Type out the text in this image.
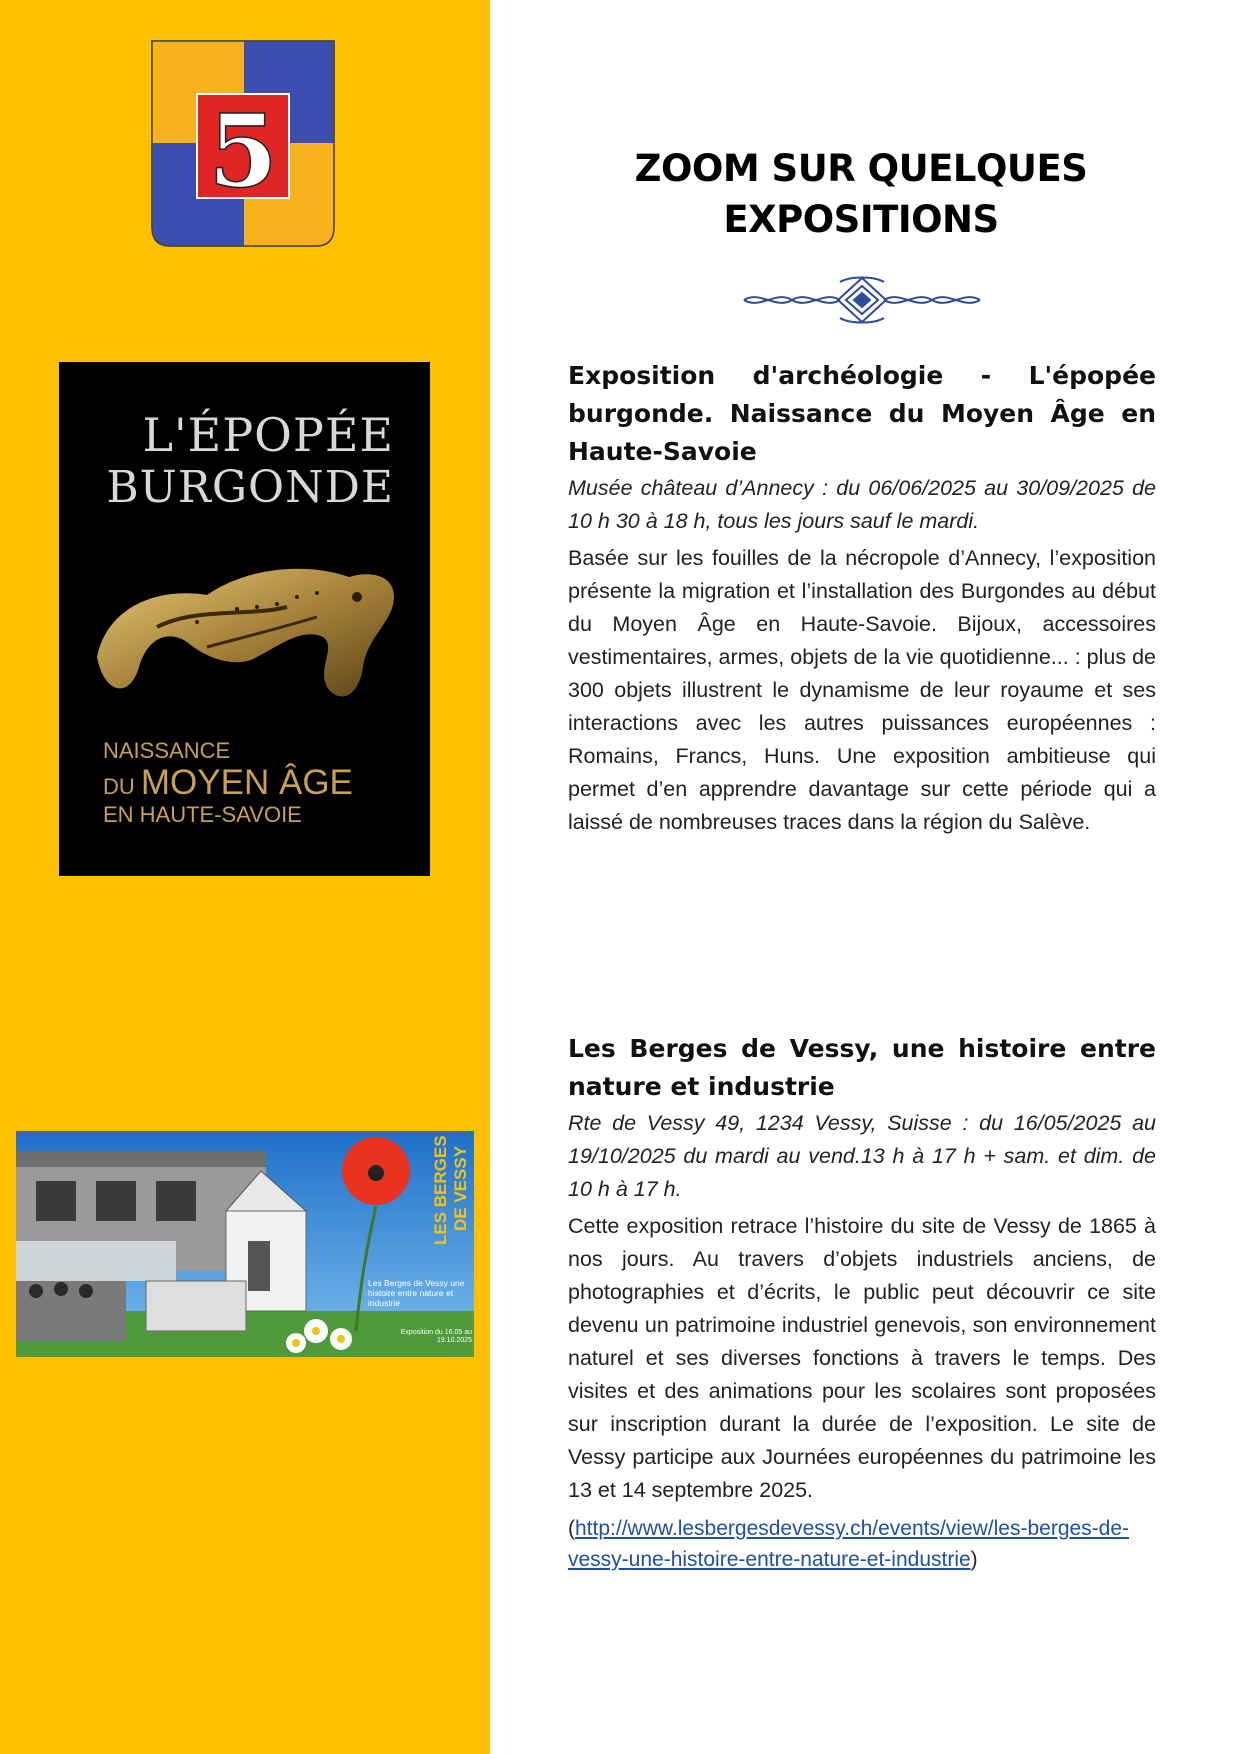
5
L'ÉPOPÉE
BURGONDE
NAISSANCE
DU MOYEN ÂGE
EN HAUTE-SAVOIE
LES BERGES DE VESSY
Les Berges de Vessy une histoire entre nature et industrie
Exposition du 16.05 au 19.10.2025
ZOOM SUR QUELQUES
EXPOSITIONS

Exposition d'archéologie - L'épopée burgonde. Naissance du Moyen Âge en Haute-Savoie

Musée château d’Annecy : du 06/06/2025 au 30/09/2025 de 10 h 30 à 18 h, tous les jours sauf le mardi.

Basée sur les fouilles de la nécropole d’Annecy, l’exposition présente la migration et l’installation des Burgondes au début du Moyen Âge en Haute-Savoie. Bijoux, accessoires vestimentaires, armes, objets de la vie quotidienne... : plus de 300 objets illustrent le dynamisme de leur royaume et ses interactions avec les autres puissances européennes : Romains, Francs, Huns. Une exposition ambitieuse qui permet d’en apprendre davantage sur cette période qui a laissé de nombreuses traces dans la région du Salève.

Les Berges de Vessy, une histoire entre nature et industrie

Rte de Vessy 49, 1234 Vessy, Suisse : du 16/05/2025 au 19/10/2025 du mardi au vend.13 h à 17 h + sam. et dim. de 10 h à 17 h.

Cette exposition retrace l’histoire du site de Vessy de 1865 à nos jours. Au travers d’objets industriels anciens, de photographies et d’écrits, le public peut découvrir ce site devenu un patrimoine industriel genevois, son environnement naturel et ses diverses fonctions à travers le temps. Des visites et des animations pour les scolaires sont proposées sur inscription durant la durée de l’exposition. Le site de Vessy participe aux Journées européennes du patrimoine les 13 et 14 septembre 2025.

(http://www.lesbergesdevessy.ch/events/view/les-berges-de-vessy-une-histoire-entre-nature-et-industrie)
